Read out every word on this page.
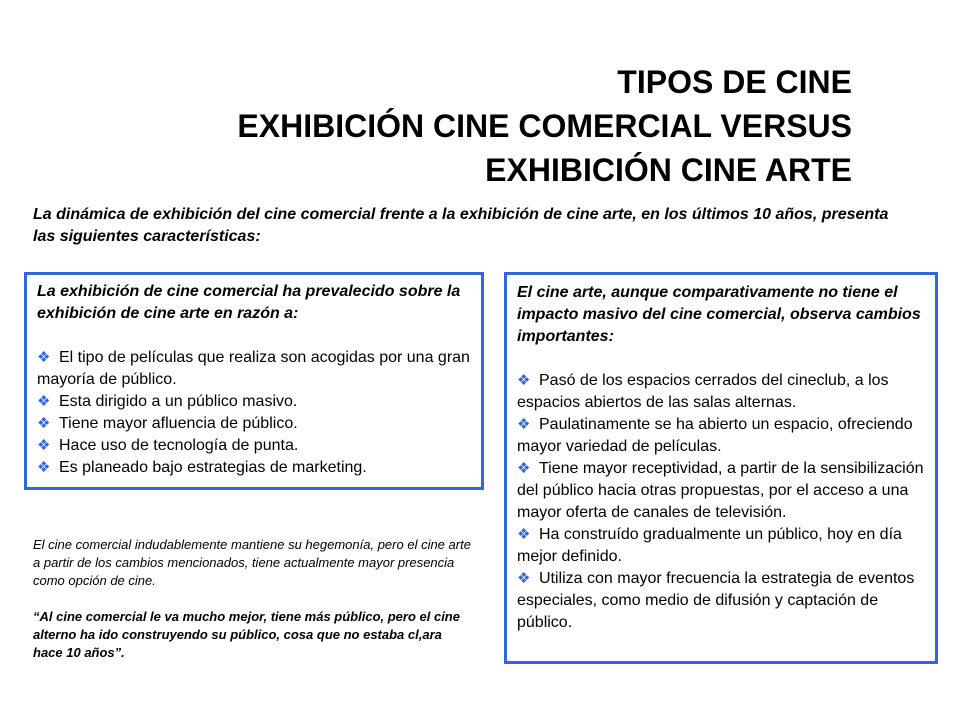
TIPOS DE CINE
EXHIBICIÓN CINE COMERCIAL VERSUS
EXHIBICIÓN CINE ARTE
La dinámica de exhibición del cine comercial frente a la exhibición de cine arte, en los últimos 10 años, presenta las siguientes características:
La exhibición de cine comercial ha prevalecido sobre la exhibición de cine arte en razón a:
❖ El tipo de películas que realiza son acogidas por una gran mayoría de público.
❖ Esta dirigido a un público masivo.
❖ Tiene mayor afluencia de público.
❖ Hace uso de tecnología de punta.
❖ Es planeado bajo estrategias de marketing.
El cine arte, aunque comparativamente no tiene el impacto masivo del cine comercial, observa cambios importantes:
❖ Pasó de los espacios cerrados del cineclub, a los espacios abiertos de las salas alternas.
❖ Paulatinamente se ha abierto un espacio, ofreciendo mayor variedad de películas.
❖ Tiene mayor receptividad, a partir de la sensibilización del público hacia otras propuestas, por el acceso a una mayor oferta de canales de televisión.
❖ Ha construído gradualmente un público, hoy en día mejor definido.
❖ Utiliza con mayor frecuencia la estrategia de eventos especiales, como medio de difusión y captación de público.

El cine comercial indudablemente mantiene su hegemonía, pero el cine arte a partir de los cambios mencionados, tiene actualmente mayor presencia como opción de cine.

“Al cine comercial le va mucho mejor, tiene más público, pero el cine alterno ha ido construyendo su público, cosa que no estaba cl,ara hace 10 años”.
